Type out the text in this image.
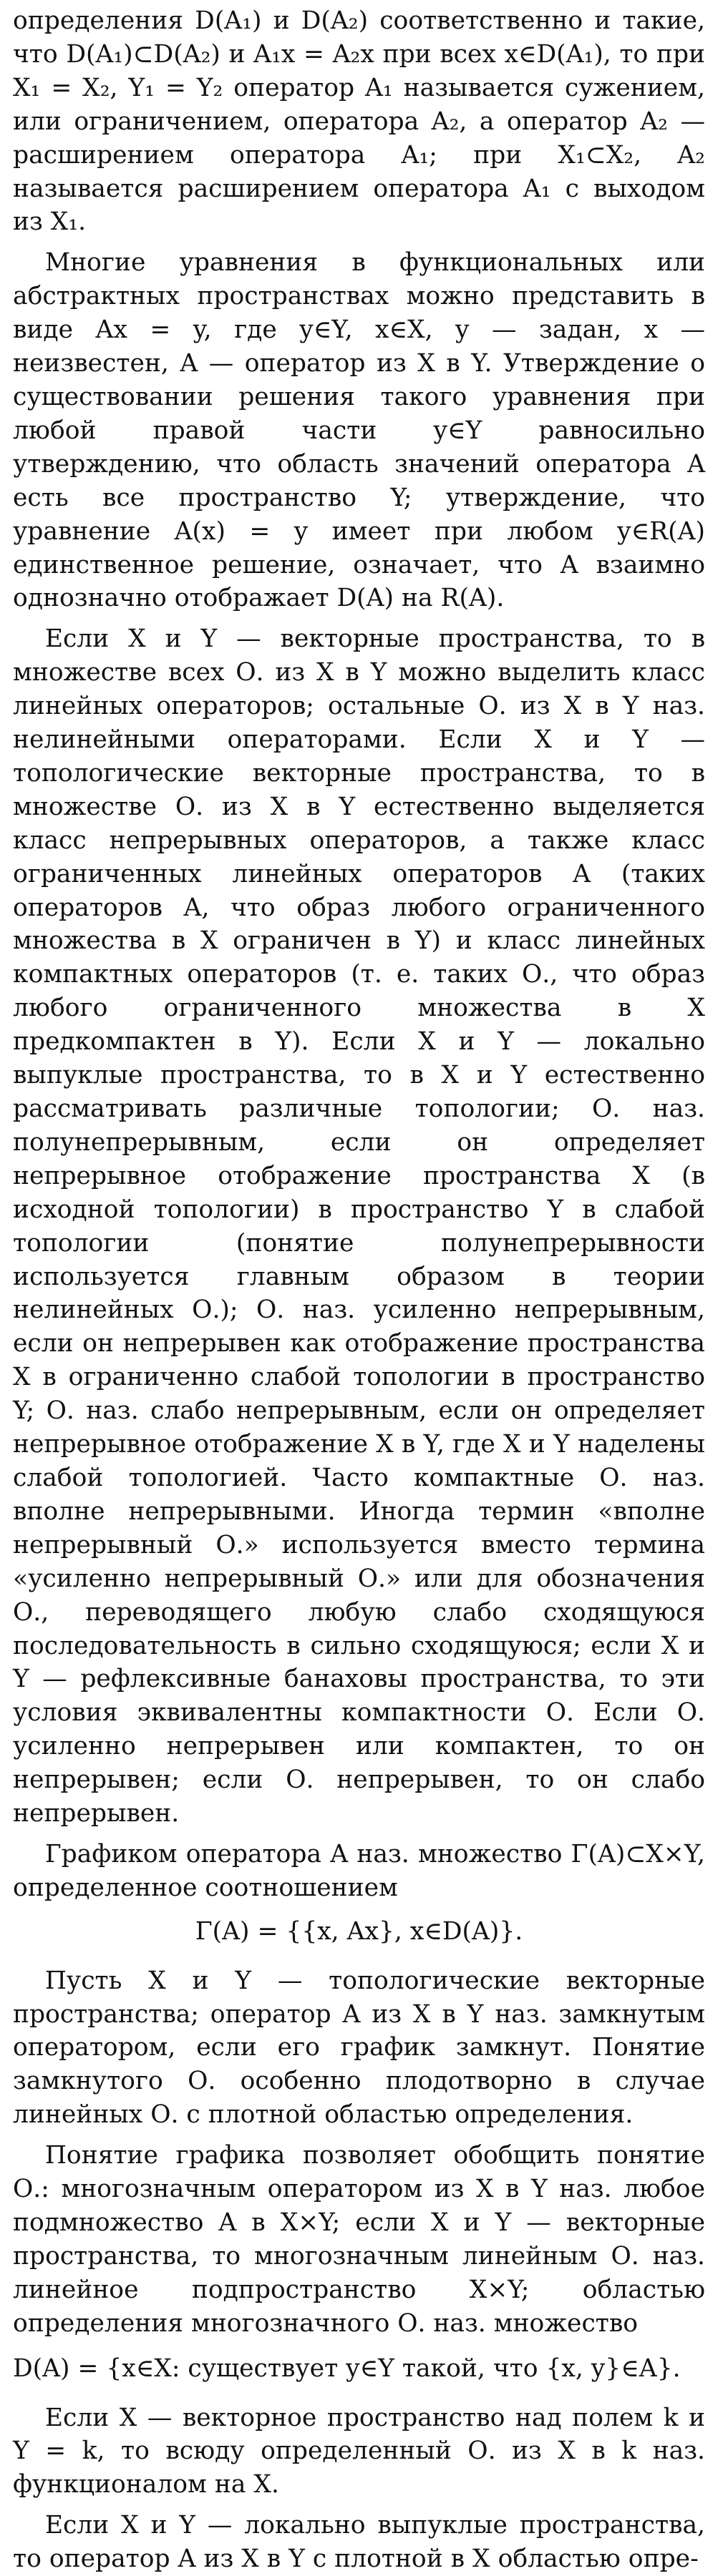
определения D(A₁) и D(A₂) соответственно и такие, что D(A₁)⊂D(A₂) и A₁x = A₂x при всех x∈D(A₁), то при X₁ = X₂, Y₁ = Y₂ оператор A₁ называется сужением, или ограничением, оператора A₂, а оператор A₂ — расширением оператора A₁; при X₁⊂X₂, A₂ называется расширением оператора A₁ с выходом из X₁.

Многие уравнения в функциональных или абстрактных пространствах можно представить в виде Ax = y, где y∈Y, x∈X, y — задан, x — неизвестен, A — оператор из X в Y. Утверждение о существовании решения такого уравнения при любой правой части y∈Y равносильно утверждению, что область значений оператора A есть все пространство Y; утверждение, что уравнение A(x) = y имеет при любом y∈R(A) единственное решение, означает, что A взаимно однозначно отображает D(A) на R(A).

Если X и Y — векторные пространства, то в множестве всех О. из X в Y можно выделить класс линейных операторов; остальные О. из X в Y наз. нелинейными операторами. Если X и Y — топологические векторные пространства, то в множестве О. из X в Y естественно выделяется класс непрерывных операторов, а также класс ограниченных линейных операторов A (таких операторов A, что образ любого ограниченного множества в X ограничен в Y) и класс линейных компактных операторов (т. е. таких О., что образ любого ограниченного множества в X предкомпактен в Y). Если X и Y — локально выпуклые пространства, то в X и Y естественно рассматривать различные топологии; О. наз. полунепрерывным, если он определяет непрерывное отображение пространства X (в исходной топологии) в пространство Y в слабой топологии (понятие полунепрерывности используется главным образом в теории нелинейных О.); О. наз. усиленно непрерывным, если он непрерывен как отображение пространства X в ограниченно слабой топологии в пространство Y; О. наз. слабо непрерывным, если он определяет непрерывное отображение X в Y, где X и Y наделены слабой топологией. Часто компактные О. наз. вполне непрерывными. Иногда термин «вполне непрерывный О.» используется вместо термина «усиленно непрерывный О.» или для обозначения О., переводящего любую слабо сходящуюся последовательность в сильно сходящуюся; если X и Y — рефлексивные банаховы пространства, то эти условия эквивалентны компактности О. Если О. усиленно непрерывен или компактен, то он непрерывен; если О. непрерывен, то он слабо непрерывен.

Графиком оператора A наз. множество Γ(A)⊂X×Y, определенное соотношением

Γ(A) = {{x, Ax}, x∈D(A)}.

Пусть X и Y — топологические векторные пространства; оператор A из X в Y наз. замкнутым оператором, если его график замкнут. Понятие замкнутого О. особенно плодотворно в случае линейных О. с плотной областью определения.

Понятие графика позволяет обобщить понятие О.: многозначным оператором из X в Y наз. любое подмножество A в X×Y; если X и Y — векторные пространства, то многозначным линейным О. наз. линейное подпространство X×Y; областью определения многозначного О. наз. множество

D(A) = {x∈X: существует y∈Y такой, что {x, y}∈A}.

Если X — векторное пространство над полем k и Y = k, то всюду определенный О. из X в k наз. функционалом на X.

Если X и Y — локально выпуклые пространства, то оператор A из X в Y с плотной в X областью опре-
